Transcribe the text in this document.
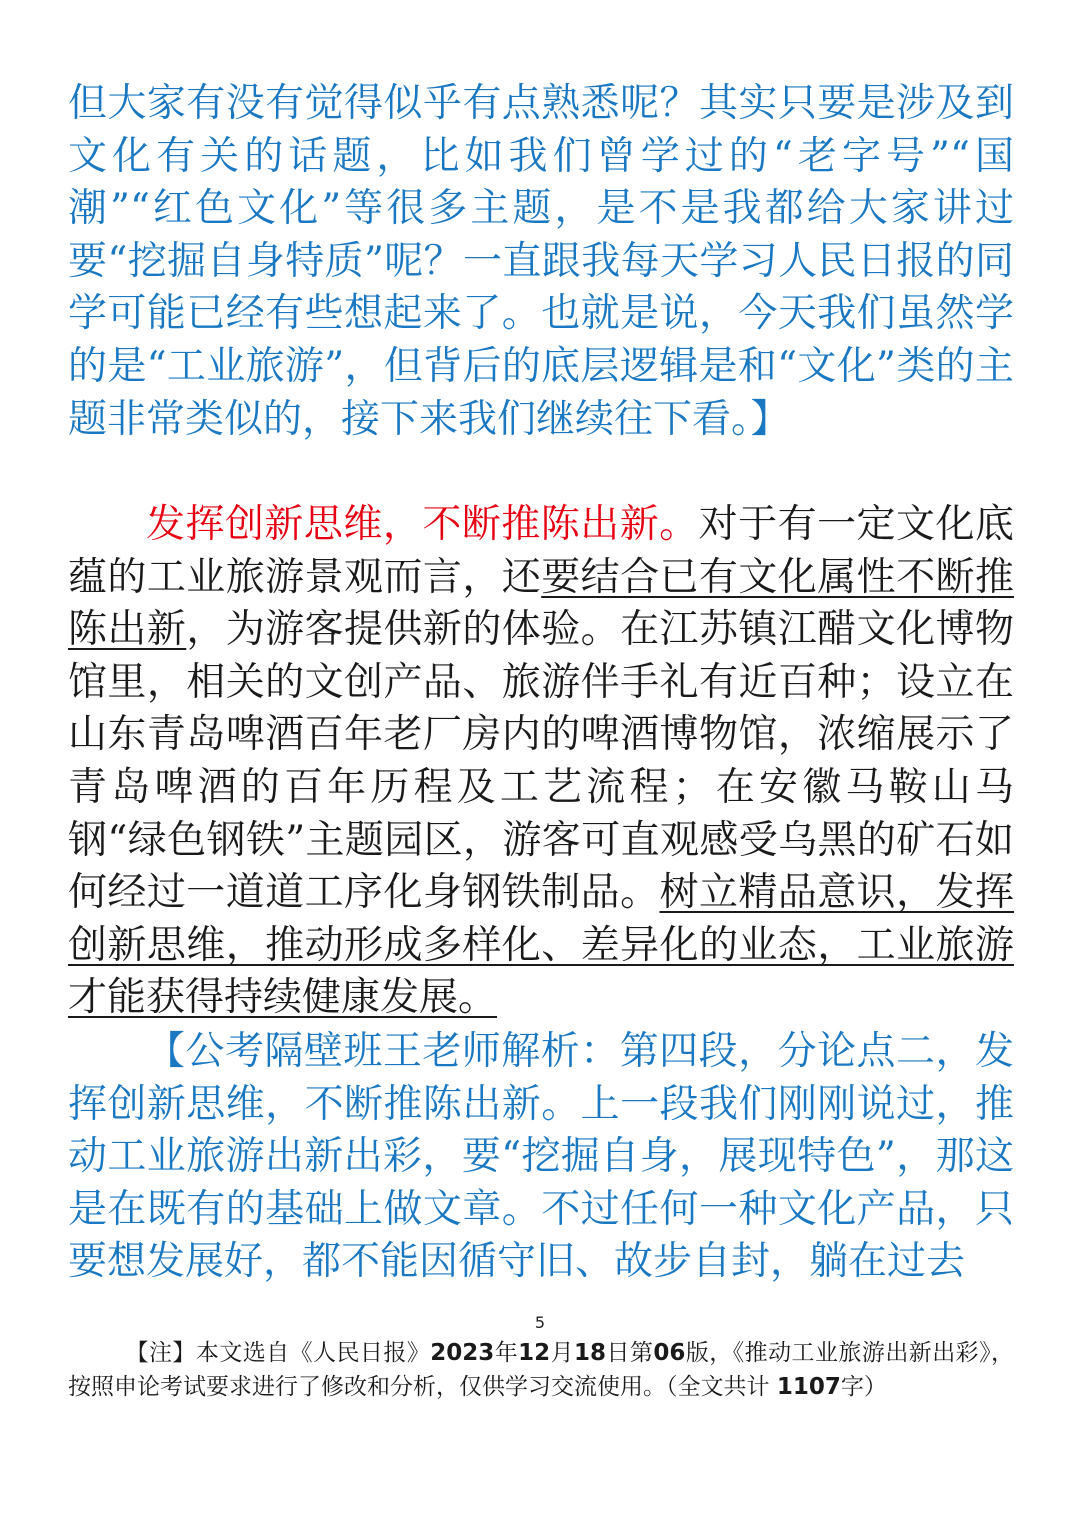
但大家有没有觉得似乎有点熟悉呢？其实只要是涉及到文化有关的话题，比如我们曾学过的“老字号”“国潮”“红色文化”等很多主题，是不是我都给大家讲过要“挖掘自身特质”呢？一直跟我每天学习人民日报的同学可能已经有些想起来了。也就是说，今天我们虽然学的是“工业旅游”，但背后的底层逻辑是和“文化”类的主题非常类似的，接下来我们继续往下看。】

发挥创新思维，不断推陈出新。对于有一定文化底蕴的工业旅游景观而言，还要结合已有文化属性不断推陈出新，为游客提供新的体验。在江苏镇江醋文化博物馆里，相关的文创产品、旅游伴手礼有近百种；设立在山东青岛啤酒百年老厂房内的啤酒博物馆，浓缩展示了青岛啤酒的百年历程及工艺流程；在安徽马鞍山马钢“绿色钢铁”主题园区，游客可直观感受乌黑的矿石如何经过一道道工序化身钢铁制品。树立精品意识，发挥创新思维，推动形成多样化、差异化的业态，工业旅游才能获得持续健康发展。

【公考隔壁班王老师解析：第四段，分论点二，发挥创新思维，不断推陈出新。上一段我们刚刚说过，推动工业旅游出新出彩，要“挖掘自身，展现特色”，那这是在既有的基础上做文章。不过任何一种文化产品，只要想发展好，都不能因循守旧、故步自封，躺在过去

5

【注】本文选自《人民日报》2023年12月18日第06版，《推动工业旅游出新出彩》，按照申论考试要求进行了修改和分析，仅供学习交流使用。（全文共计 1107字）
